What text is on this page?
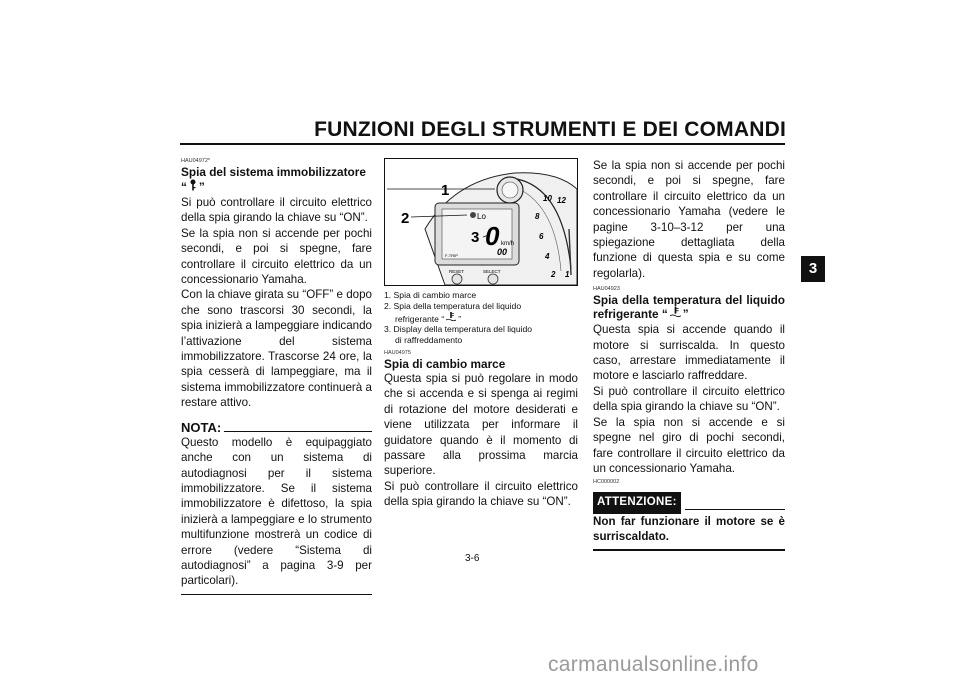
FUNZIONI DEGLI STRUMENTI E DEI COMANDI
3

HAU04972*

Spia del sistema immobilizzatore

“ ”

Si può controllare il circuito elettrico della spia girando la chiave su “ON”.

Se la spia non si accende per pochi secondi, e poi si spegne, fare controllare il circuito elettrico da un concessionario Yamaha.

Con la chiave girata su “OFF” e dopo che sono trascorsi 30 secondi, la spia inizierà a lampeggiare indicando l’attivazione del sistema immobilizzatore. Trascorse 24 ore, la spia cesserà di lampeggiare, ma il sistema immobilizzatore continuerà a restare attivo.

NOTA:

Questo modello è equipaggiato anche con un sistema di autodiagnosi per il sistema immobilizzatore. Se il sistema immobilizzatore è difettoso, la spia inizierà a lampeggiare e lo strumento multifunzione mostrerà un codice di errore (vedere “Sistema di autodiagnosi” a pagina 3-9 per particolari).

1
2
3
Lo
0 km/h
00
F-TRIP
RESET	SELECT	2
4
6
8
10 12
1
1. Spia di cambio marce
2. Spia della temperatura del liquido
refrigerante “ ”
3. Display della temperatura del liquido
di raffreddamento

HAU04975

Spia di cambio marce

Questa spia si può regolare in modo che si accenda e si spenga ai regimi di rotazione del motore desiderati e viene utilizzata per informare il guidatore quando è il momento di passare alla prossima marcia superiore.

Si può controllare il circuito elettrico della spia girando la chiave su “ON”.

Se la spia non si accende per pochi secondi, e poi si spegne, fare controllare il circuito elettrico da un concessionario Yamaha (vedere le pagine 3-10–3-12 per una spiegazione dettagliata della funzione di questa spia e su come regolarla).

HAU04923

Spia della temperatura del liquido refrigerante “ ”

Questa spia si accende quando il motore si surriscalda. In questo caso, arrestare immediatamente il motore e lasciarlo raffreddare.

Si può controllare il circuito elettrico della spia girando la chiave su “ON”.

Se la spia non si accende e si spegne nel giro di pochi secondi, fare controllare il circuito elettrico da un concessionario Yamaha.

HC000002

ATTENZIONE:

Non far funzionare il motore se è surriscaldato.

3-6
carmanualsonline.info
